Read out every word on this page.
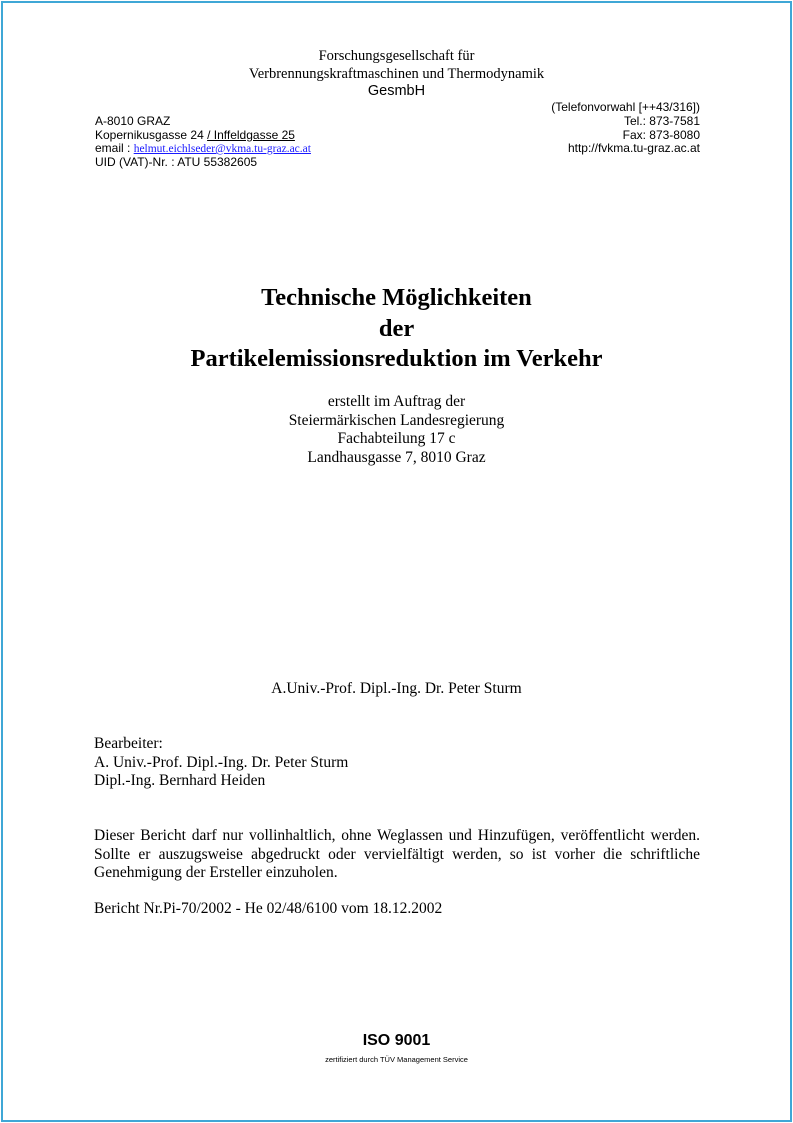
Forschungsgesellschaft für
Verbrennungskraftmaschinen und Thermodynamik
GesmbH
(Telefonvorwahl [++43/316])
Tel.: 873-7581
Fax: 873-8080
http://fvkma.tu-graz.ac.at
A-8010 GRAZ
Kopernikusgasse 24 / Inffeldgasse 25
email : helmut.eichlseder@vkma.tu-graz.ac.at
UID (VAT)-Nr. : ATU 55382605
Technische Möglichkeiten
der
Partikelemissionsreduktion im Verkehr
erstellt im Auftrag der
Steiermärkischen Landesregierung
Fachabteilung 17 c
Landhausgasse 7, 8010 Graz
A.Univ.-Prof. Dipl.-Ing. Dr. Peter Sturm
Bearbeiter:
A. Univ.-Prof. Dipl.-Ing. Dr. Peter Sturm
Dipl.-Ing. Bernhard Heiden
Dieser Bericht darf nur vollinhaltlich, ohne Weglassen und Hinzufügen, veröffentlicht werden. Sollte er auszugsweise abgedruckt oder vervielfältigt werden, so ist vorher die schriftliche Genehmigung der Ersteller einzuholen.
Bericht Nr.Pi-70/2002 - He 02/48/6100 vom 18.12.2002
ISO 9001
zertifiziert durch TÜV Management Service
